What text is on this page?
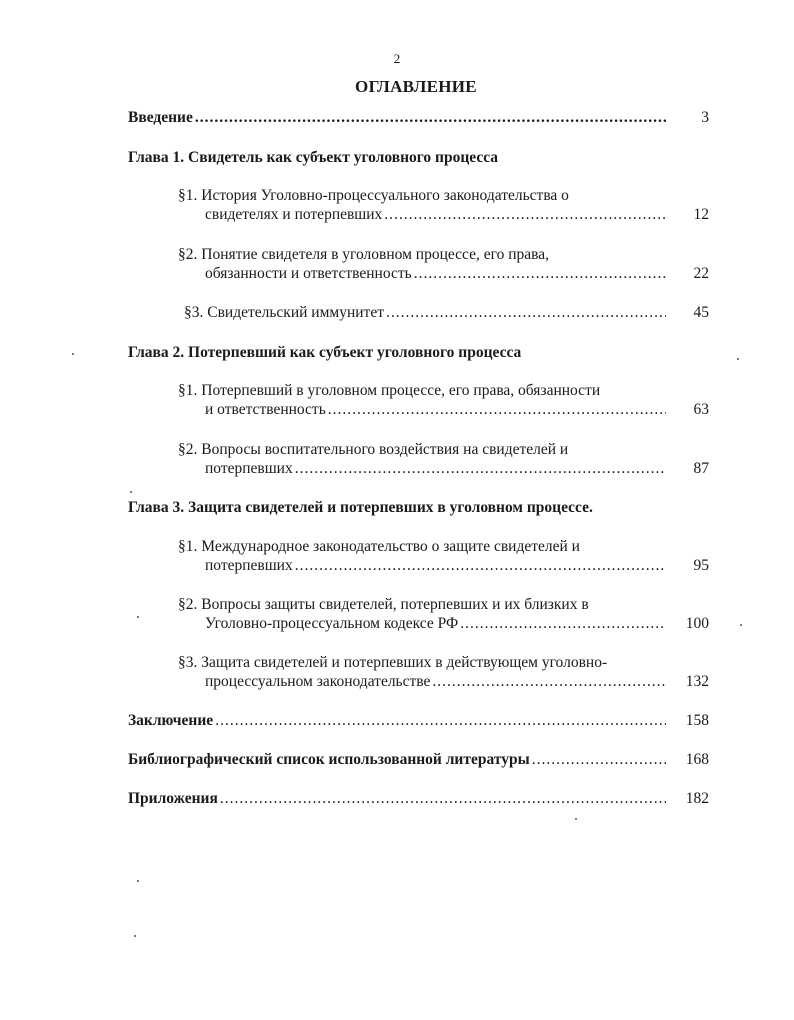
2
ОГЛАВЛЕНИЕ
Введение .....	3
Глава 1. Свидетель как субъект уголовного процесса
§1. История Уголовно-процессуального законодательства о
свидетелях и потерпевших .....	12
§2. Понятие свидетеля в уголовном процессе, его права,
обязанности и ответственность .....	22
§3. Свидетельский иммунитет .....	45
Глава 2. Потерпевший как субъект уголовного процесса
§1. Потерпевший в уголовном процессе, его права, обязанности
и ответственность .....	63
§2. Вопросы воспитательного воздействия на свидетелей и
потерпевших .....	87
Глава 3. Защита свидетелей и потерпевших в уголовном процессе.
§1. Международное законодательство о защите свидетелей и
потерпевших .....	95
§2. Вопросы защиты свидетелей, потерпевших и их близких в
Уголовно-процессуальном кодексе РФ .....	100
§3. Защита свидетелей и потерпевших в действующем уголовно-
процессуальном законодательстве .....	132
Заключение .....	158
Библиографический список использованной литературы .....	168
Приложения .....	182
